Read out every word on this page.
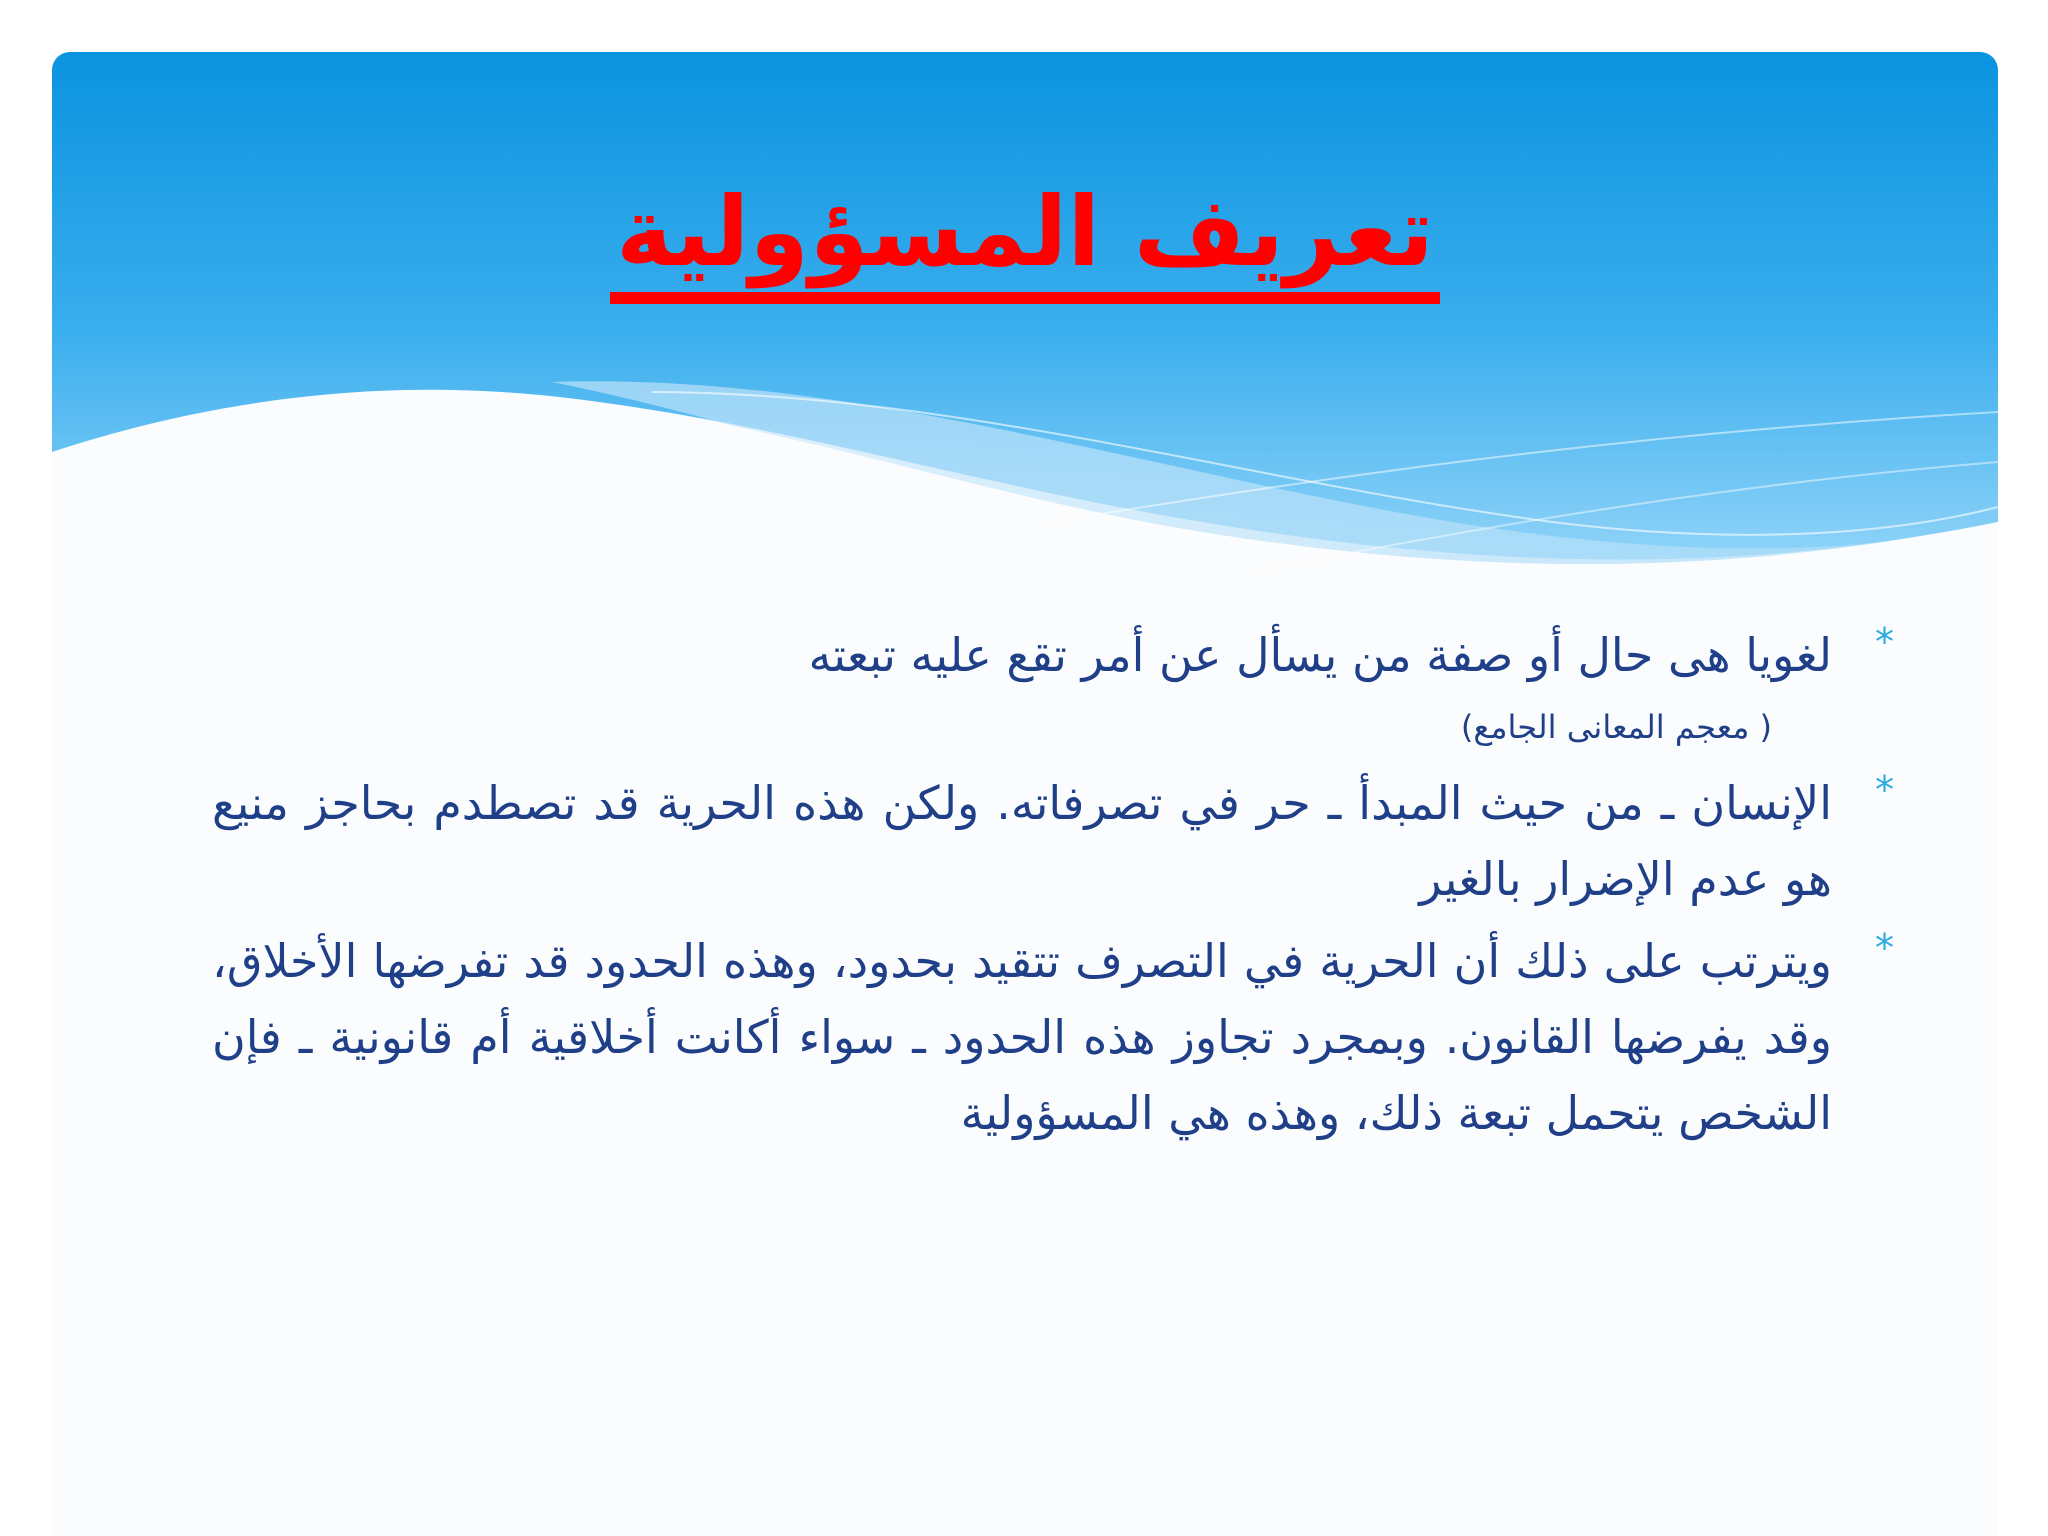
تعريف المسؤولية
*

لغويا هى حال أو صفة من يسأل عن أمر تقع عليه تبعته

( معجم المعانى الجامع)

*

الإنسان ـ من حيث المبدأ ـ حر في تصرفاته. ولكن هذه الحرية قد تصطدم بحاجز منيع هو عدم الإضرار بالغير

*

ويترتب على ذلك أن الحرية في التصرف تتقيد بحدود، وهذه الحدود قد تفرضها الأخلاق، وقد يفرضها القانون. وبمجرد تجاوز هذه الحدود ـ سواء أكانت أخلاقية أم قانونية ـ فإن الشخص يتحمل تبعة ذلك، وهذه هي المسؤولية
